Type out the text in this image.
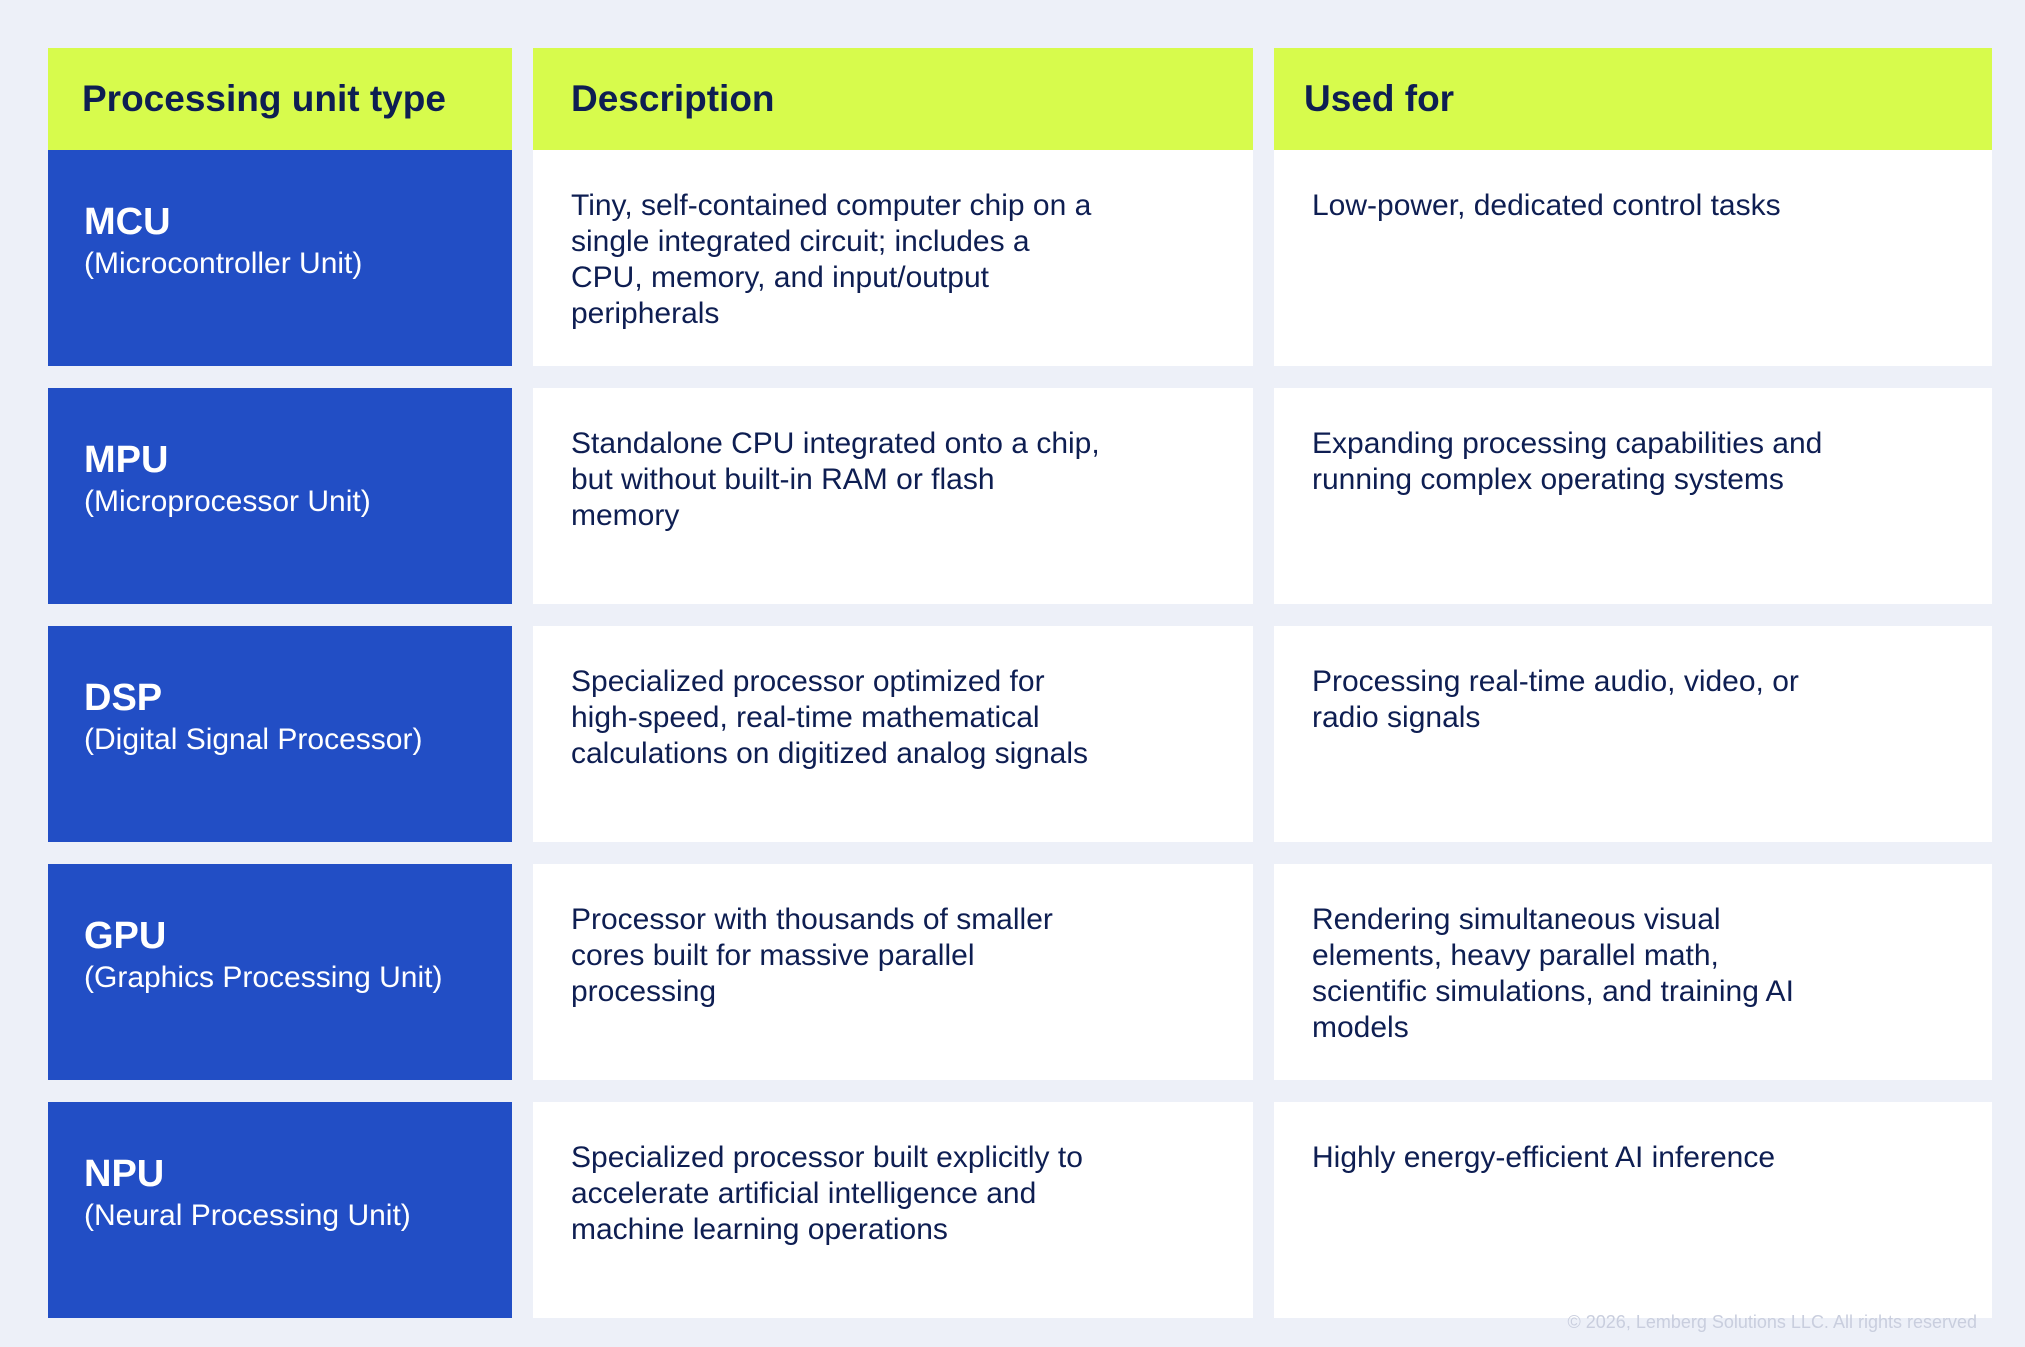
Processing unit type	Description	Used for
MCU
(Microcontroller Unit)
Tiny, self-contained computer chip on a single integrated circuit; includes a CPU, memory, and input/output peripherals
Low-power, dedicated control tasks
MPU
(Microprocessor Unit)
Standalone CPU integrated onto a chip, but without built-in RAM or flash memory
Expanding processing capabilities and running complex operating systems
DSP
(Digital Signal Processor)
Specialized processor optimized for high-speed, real-time mathematical calculations on digitized analog signals
Processing real-time audio, video, or radio signals
GPU
(Graphics Processing Unit)
Processor with thousands of smaller cores built for massive parallel processing
Rendering simultaneous visual elements, heavy parallel math, scientific simulations, and training AI models
NPU
(Neural Processing Unit)
Specialized processor built explicitly to accelerate artificial intelligence and machine learning operations
Highly energy-efficient AI inference
© 2026, Lemberg Solutions LLC. All rights reserved
